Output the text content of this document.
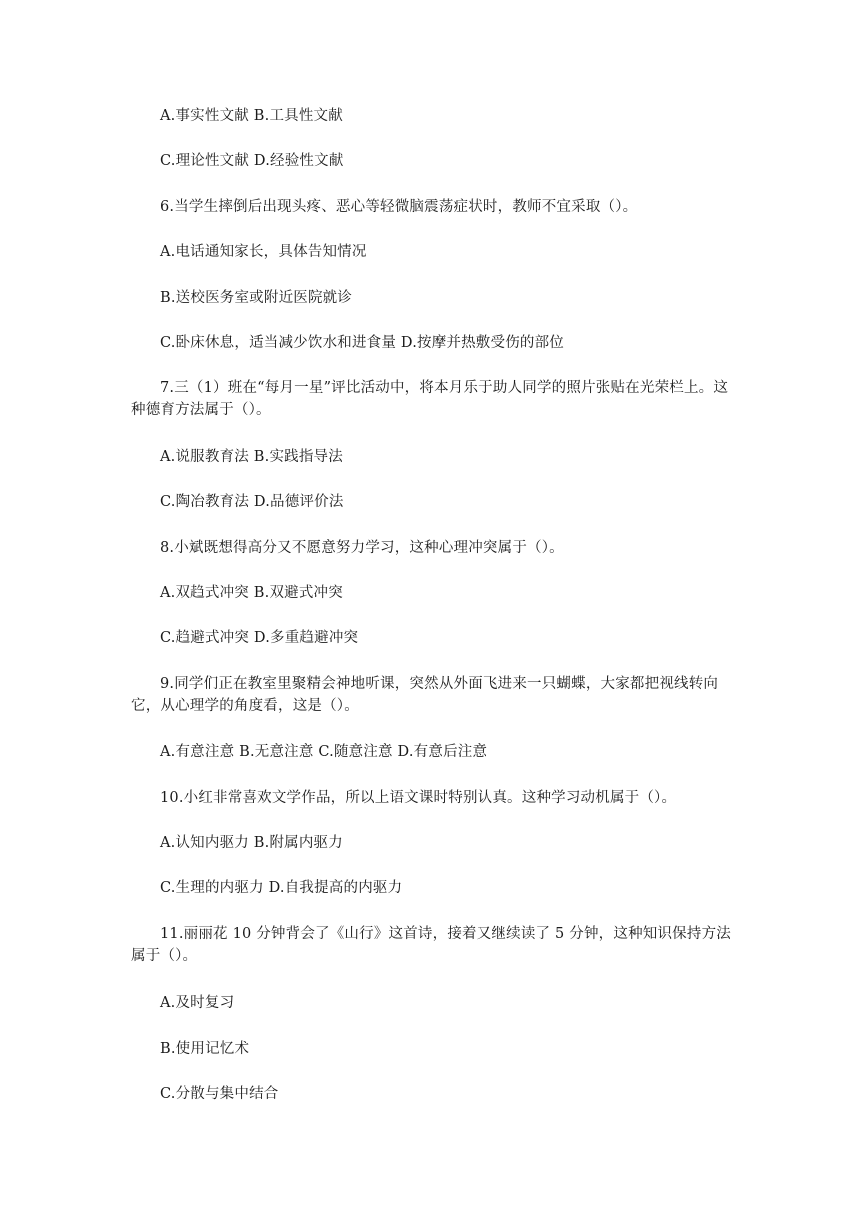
A.事实性文献 B.工具性文献
C.理论性文献 D.经验性文献
6.当学生摔倒后出现头疼、恶心等轻微脑震荡症状时，教师不宜采取（）。
A.电话通知家长，具体告知情况
B.送校医务室或附近医院就诊
C.卧床休息，适当减少饮水和进食量 D.按摩并热敷受伤的部位
7.三（1）班在“每月一星”评比活动中，将本月乐于助人同学的照片张贴在光荣栏上。这种德育方法属于（）。
A.说服教育法 B.实践指导法
C.陶冶教育法 D.品德评价法
8.小斌既想得高分又不愿意努力学习，这种心理冲突属于（）。
A.双趋式冲突 B.双避式冲突
C.趋避式冲突 D.多重趋避冲突
9.同学们正在教室里聚精会神地听课，突然从外面飞进来一只蝴蝶，大家都把视线转向它，从心理学的角度看，这是（）。
A.有意注意 B.无意注意 C.随意注意 D.有意后注意
10.小红非常喜欢文学作品，所以上语文课时特别认真。这种学习动机属于（）。
A.认知内驱力 B.附属内驱力
C.生理的内驱力 D.自我提高的内驱力
11.丽丽花 10 分钟背会了《山行》这首诗，接着又继续读了 5 分钟，这种知识保持方法属于（）。
A.及时复习
B.使用记忆术
C.分散与集中结合
